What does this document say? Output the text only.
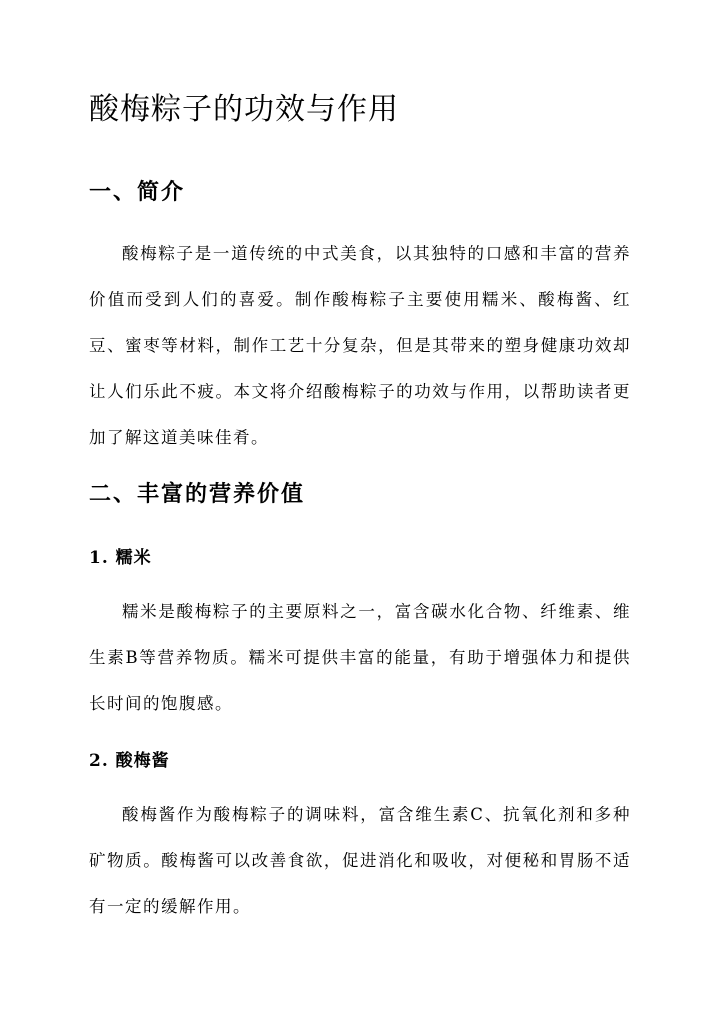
酸梅粽子的功效与作用
一、简介

酸梅粽子是一道传统的中式美食，以其独特的口感和丰富的营养价值而受到人们的喜爱。制作酸梅粽子主要使用糯米、酸梅酱、红豆、蜜枣等材料，制作工艺十分复杂，但是其带来的塑身健康功效却让人们乐此不疲。本文将介绍酸梅粽子的功效与作用，以帮助读者更加了解这道美味佳肴。

二、丰富的营养价值
1. 糯米

糯米是酸梅粽子的主要原料之一，富含碳水化合物、纤维素、维生素B等营养物质。糯米可提供丰富的能量，有助于增强体力和提供长时间的饱腹感。

2. 酸梅酱

酸梅酱作为酸梅粽子的调味料，富含维生素C、抗氧化剂和多种矿物质。酸梅酱可以改善食欲，促进消化和吸收，对便秘和胃肠不适有一定的缓解作用。
